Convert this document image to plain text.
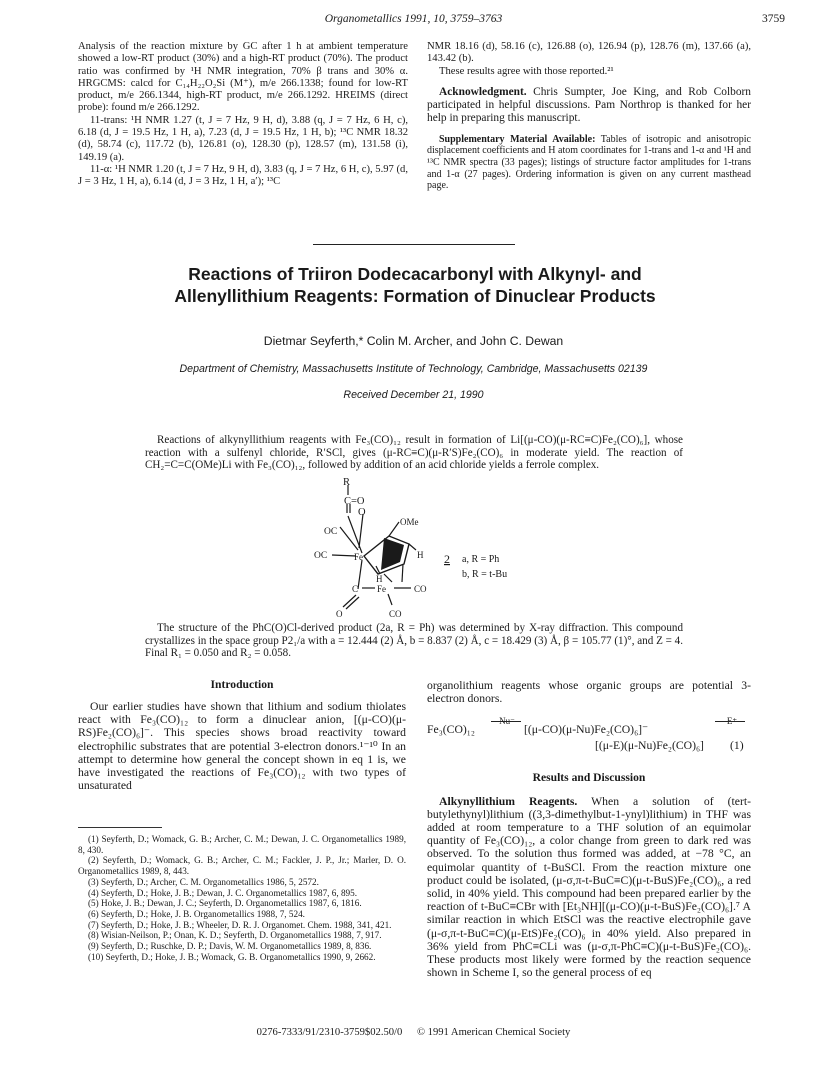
Organometallics 1991, 10, 3759–3763	3759

Analysis of the reaction mixture by GC after 1 h at ambient temperature showed a low-RT product (30%) and a high-RT product (70%). The product ratio was confirmed by ¹H NMR integration, 70% β trans and 30% α. HRGCMS: calcd for C₁₄H₂₂O₂Si (M⁺), m/e 266.1338; found for low-RT product, m/e 266.1344, high-RT product, m/e 266.1292. HREIMS (direct probe): found m/e 266.1292.

11-trans: ¹H NMR 1.27 (t, J = 7 Hz, 9 H, d), 3.88 (q, J = 7 Hz, 6 H, c), 6.18 (d, J = 19.5 Hz, 1 H, a), 7.23 (d, J = 19.5 Hz, 1 H, b); ¹³C NMR 18.32 (d), 58.74 (c), 117.72 (b), 126.81 (o), 128.30 (p), 128.57 (m), 131.58 (i), 149.19 (a).

11-α: ¹H NMR 1.20 (t, J = 7 Hz, 9 H, d), 3.83 (q, J = 7 Hz, 6 H, c), 5.97 (d, J = 3 Hz, 1 H, a), 6.14 (d, J = 3 Hz, 1 H, a′); ¹³C

NMR 18.16 (d), 58.16 (c), 126.88 (o), 126.94 (p), 128.76 (m), 137.66 (a), 143.42 (b).

These results agree with those reported.²¹

Acknowledgment. Chris Sumpter, Joe King, and Rob Colborn participated in helpful discussions. Pam Northrop is thanked for her help in preparing this manuscript.

Supplementary Material Available: Tables of isotropic and anisotropic displacement coefficients and H atom coordinates for 1-trans and 1-α and ¹H and ¹³C NMR spectra (33 pages); listings of structure factor amplitudes for 1-trans and 1-α (27 pages). Ordering information is given on any current masthead page.

Reactions of Triiron Dodecacarbonyl with Alkynyl- and
Allenyllithium Reagents: Formation of Dinuclear Products
Dietmar Seyferth,* Colin M. Archer, and John C. Dewan
Department of Chemistry, Massachusetts Institute of Technology, Cambridge, Massachusetts 02139
Received December 21, 1990

Reactions of alkynyllithium reagents with Fe₃(CO)₁₂ result in formation of Li[(μ-CO)(μ-RC≡C)Fe₂(CO)₆], whose reaction with a sulfenyl chloride, R′SCl, gives (μ-RC≡C)(μ-R′S)Fe₂(CO)₆ in moderate yield. The reaction of CH₂=C=C(OMe)Li with Fe₃(CO)₁₂, followed by addition of an acid chloride yields a ferrole complex.

R
C=O
O
OMe
OC
OC	Fe	H
H
C Fe	CO
O	CO
2 a, R = Ph
b, R = t-Bu

The structure of the PhC(O)Cl-derived product (2a, R = Ph) was determined by X-ray diffraction. This compound crystallizes in the space group P2₁/a with a = 12.444 (2) Å, b = 8.837 (2) Å, c = 18.429 (3) Å, β = 105.77 (1)°, and Z = 4. Final R₁ = 0.050 and R₂ = 0.058.

Introduction

Our earlier studies have shown that lithium and sodium thiolates react with Fe₃(CO)₁₂ to form a dinuclear anion, [(μ-CO)(μ-RS)Fe₂(CO)₆]⁻. This species shows broad reactivity toward electrophilic substrates that are potential 3-electron donors.¹⁻¹⁰ In an attempt to determine how general the concept shown in eq 1 is, we have investigated the reactions of Fe₃(CO)₁₂ with two types of unsaturated

(1) Seyferth, D.; Womack, G. B.; Archer, C. M.; Dewan, J. C. Organometallics 1989, 8, 430.

(2) Seyferth, D.; Womack, G. B.; Archer, C. M.; Fackler, J. P., Jr.; Marler, D. O. Organometallics 1989, 8, 443.

(3) Seyferth, D.; Archer, C. M. Organometallics 1986, 5, 2572.

(4) Seyferth, D.; Hoke, J. B.; Dewan, J. C. Organometallics 1987, 6, 895.

(5) Hoke, J. B.; Dewan, J. C.; Seyferth, D. Organometallics 1987, 6, 1816.

(6) Seyferth, D.; Hoke, J. B. Organometallics 1988, 7, 524.

(7) Seyferth, D.; Hoke, J. B.; Wheeler, D. R. J. Organomet. Chem. 1988, 341, 421.

(8) Wisian-Neilson, P.; Onan, K. D.; Seyferth, D. Organometallics 1988, 7, 917.

(9) Seyferth, D.; Ruschke, D. P.; Davis, W. M. Organometallics 1989, 8, 836.

(10) Seyferth, D.; Hoke, J. B.; Womack, G. B. Organometallics 1990, 9, 2662.

organolithium reagents whose organic groups are potential 3-electron donors.

Fe₃(CO)₁₂
Nu⁻
[(μ-CO)(μ-Nu)Fe₂(CO)₆]⁻
E⁺
[(μ-E)(μ-Nu)Fe₂(CO)₆] (1)
Results and Discussion

Alkynyllithium Reagents. When a solution of (tert-butylethynyl)lithium ((3,3-dimethylbut-1-ynyl)lithium) in THF was added at room temperature to a THF solution of an equimolar quantity of Fe₃(CO)₁₂, a color change from green to dark red was observed. To the solution thus formed was added, at −78 °C, an equimolar quantity of t-BuSCl. From the reaction mixture one product could be isolated, (μ-σ,π-t-BuC≡C)(μ-t-BuS)Fe₂(CO)₆, a red solid, in 40% yield. This compound had been prepared earlier by the reaction of t-BuC≡CBr with [Et₃NH][(μ-CO)(μ-t-BuS)Fe₂(CO)₆].⁷ A similar reaction in which EtSCl was the reactive electrophile gave (μ-σ,π-t-BuC≡C)(μ-EtS)Fe₂(CO)₆ in 40% yield. Also prepared in 36% yield from PhC≡CLi was (μ-σ,π-PhC≡C)(μ-t-BuS)Fe₂(CO)₆. These products most likely were formed by the reaction sequence shown in Scheme I, so the general process of eq

0276-7333/91/2310-3759$02.50/0 © 1991 American Chemical Society
